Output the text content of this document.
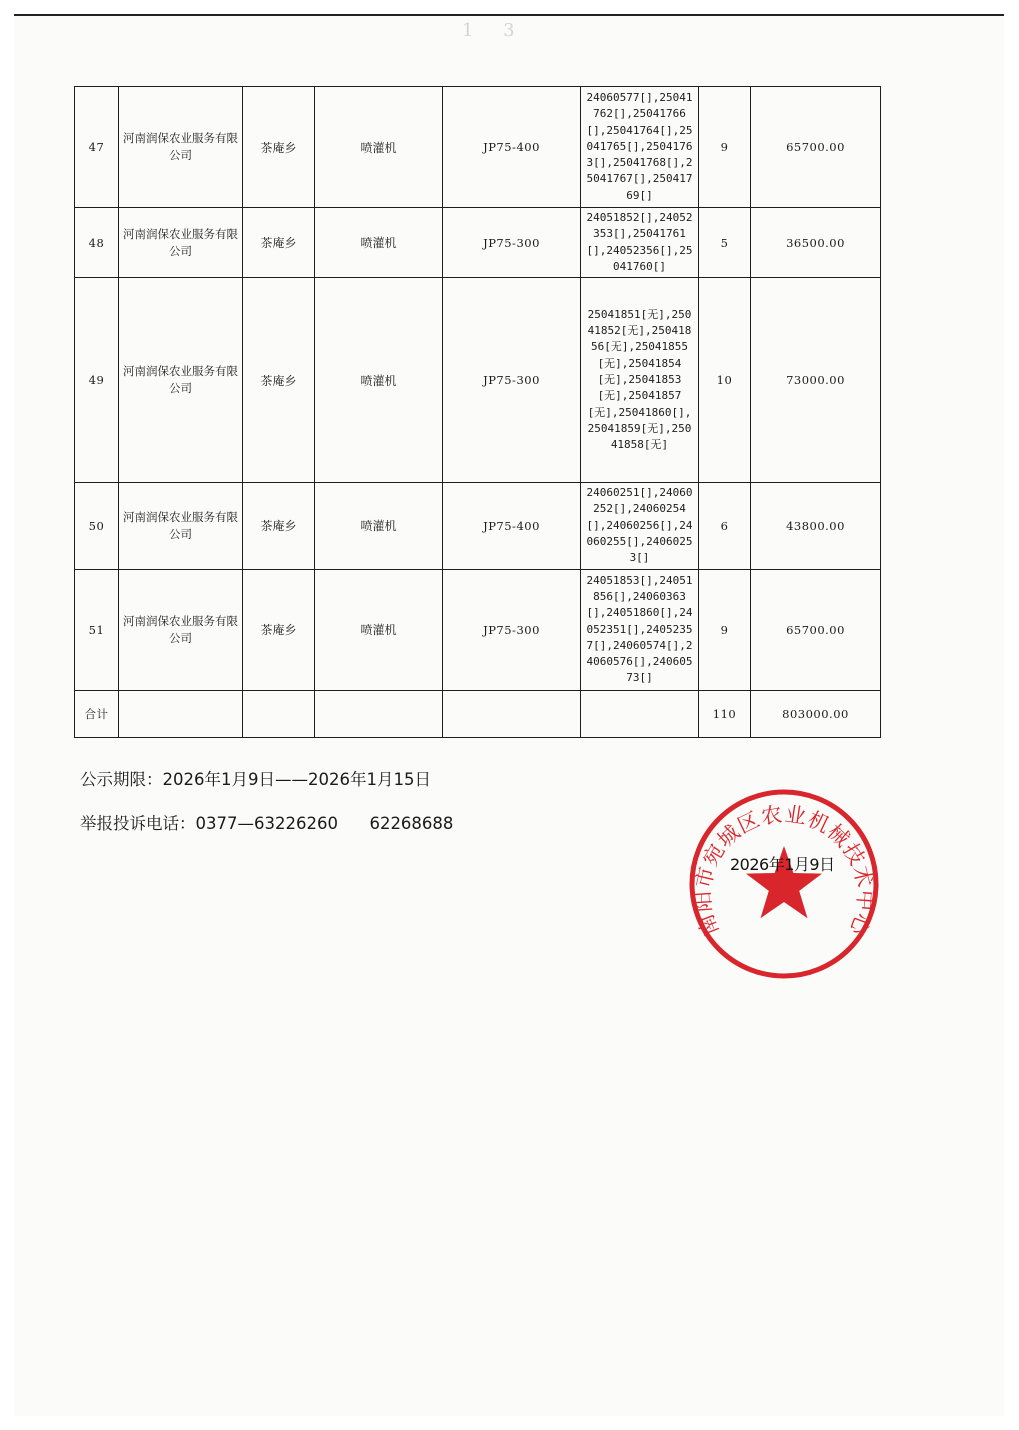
1 3
47	河南润保农业服务有限公司	茶庵乡	喷灌机	JP75-400	24060577[],25041762[],25041766[],25041764[],25041765[],25041763[],25041768[],25041767[],25041769[]	9	65700.00
48	河南润保农业服务有限公司	茶庵乡	喷灌机	JP75-300	24051852[],24052353[],25041761[],24052356[],25041760[]	5	36500.00
49	河南润保农业服务有限公司	茶庵乡	喷灌机	JP75-300	25041851[无],25041852[无],25041856[无],25041855[无],25041854[无],25041853[无],25041857[无],25041860[],25041859[无],25041858[无]	10	73000.00
50	河南润保农业服务有限公司	茶庵乡	喷灌机	JP75-400	24060251[],24060252[],24060254[],24060256[],24060255[],24060253[]	6	43800.00
51	河南润保农业服务有限公司	茶庵乡	喷灌机	JP75-300	24051853[],24051856[],24060363[],24051860[],24052351[],24052357[],24060574[],24060576[],24060573[]	9	65700.00
合计						110	803000.00
公示期限：2026年1月9日——2026年1月15日
举报投诉电话：0377—63226260      62268688
南阳市宛城区农业机械技术中心
2026年1月9日
